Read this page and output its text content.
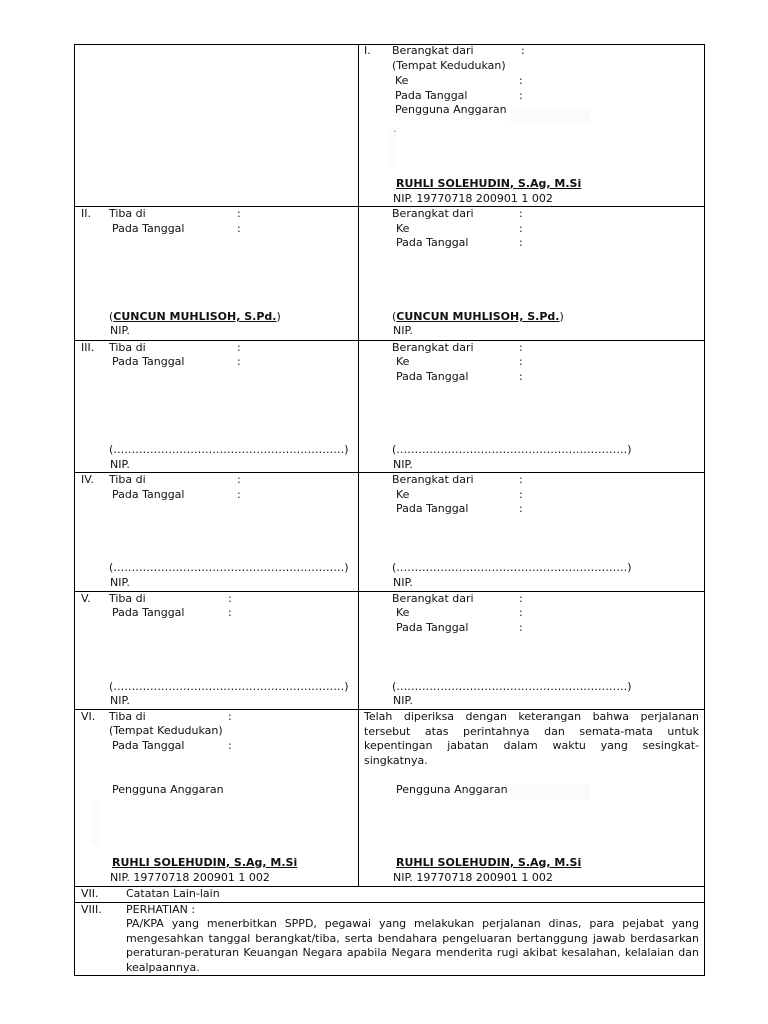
I. Berangkat dari	:
(Tempat Kedudukan)
Ke	:
Pada Tanggal	:
Pengguna Anggaran
.
RUHLI SOLEHUDIN, S.Ag, M.Si
NIP. 19770718 200901 1 002
II. Tiba di	:
Pada Tanggal	:
(CUNCUN MUHLISOH, S.Pd.)
NIP.
Berangkat dari	:
Ke	:
Pada Tanggal	:
(CUNCUN MUHLISOH, S.Pd.)
NIP.
III. Tiba di	:
Pada Tanggal	:
(………………………………………………………)
NIP.
Berangkat dari	:
Ke	:
Pada Tanggal	:
(………………………………………………………)
NIP.
IV. Tiba di	:
Pada Tanggal	:
(………………………………………………………)
NIP.
Berangkat dari	:
Ke	:
Pada Tanggal	:
(………………………………………………………)
NIP.
V. Tiba di	:
Pada Tanggal	:
(………………………………………………………)
NIP.
Berangkat dari	:
Ke	:
Pada Tanggal	:
(………………………………………………………)
NIP.
VI. Tiba di	:
(Tempat Kedudukan)
Pada Tanggal	:
Pengguna Anggaran
RUHLI SOLEHUDIN, S.Ag, M.Si
NIP. 19770718 200901 1 002
Telah diperiksa dengan keterangan bahwa perjalanan tersebut atas perintahnya dan semata-mata untuk kepentingan jabatan dalam waktu yang sesingkat-singkatnya.
Pengguna Anggaran
RUHLI SOLEHUDIN, S.Ag, M.Si
NIP. 19770718 200901 1 002
VII. Catatan Lain-lain
VIII. PERHATIAN :
PA/KPA yang menerbitkan SPPD, pegawai yang melakukan perjalanan dinas, para pejabat yang mengesahkan tanggal berangkat/tiba, serta bendahara pengeluaran bertanggung jawab berdasarkan peraturan-peraturan Keuangan Negara apabila Negara menderita rugi akibat kesalahan, kelalaian dan kealpaannya.
